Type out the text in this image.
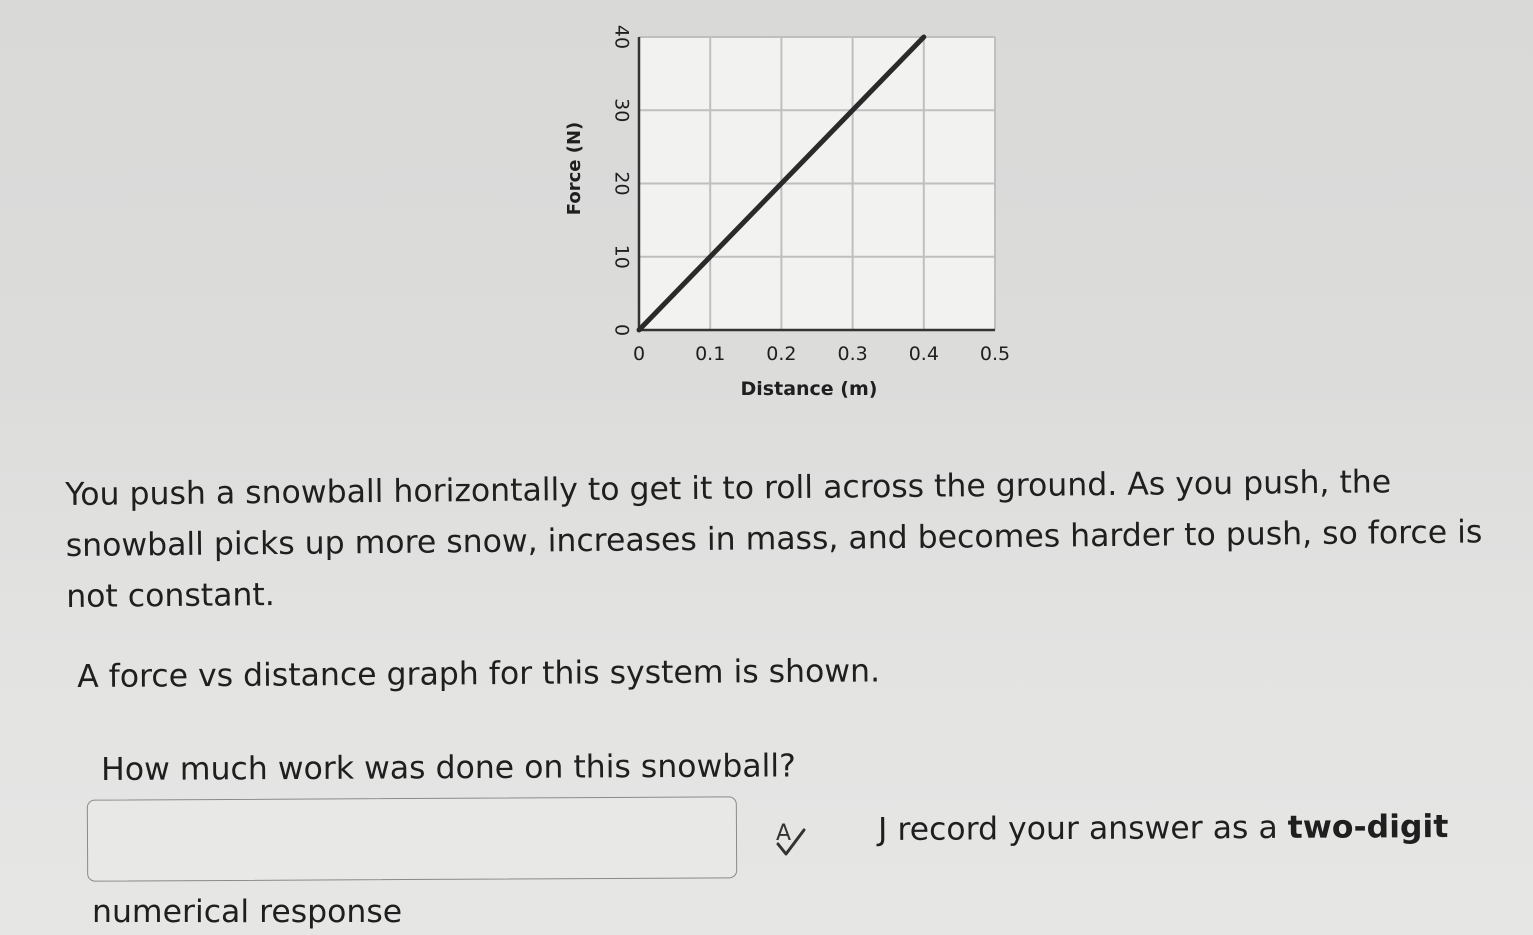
0	0.1 0.2 0.3 0.4 0.5
0
10
20
30
40
Distance (m)
Force (N)

You push a snowball horizontally to get it to roll across the ground. As you push, the snowball picks up more snow, increases in mass, and becomes harder to push, so force is not constant.

A force vs distance graph for this system is shown.

How much work was done on this snowball?

A	J record your answer as a two-digit
numerical response
